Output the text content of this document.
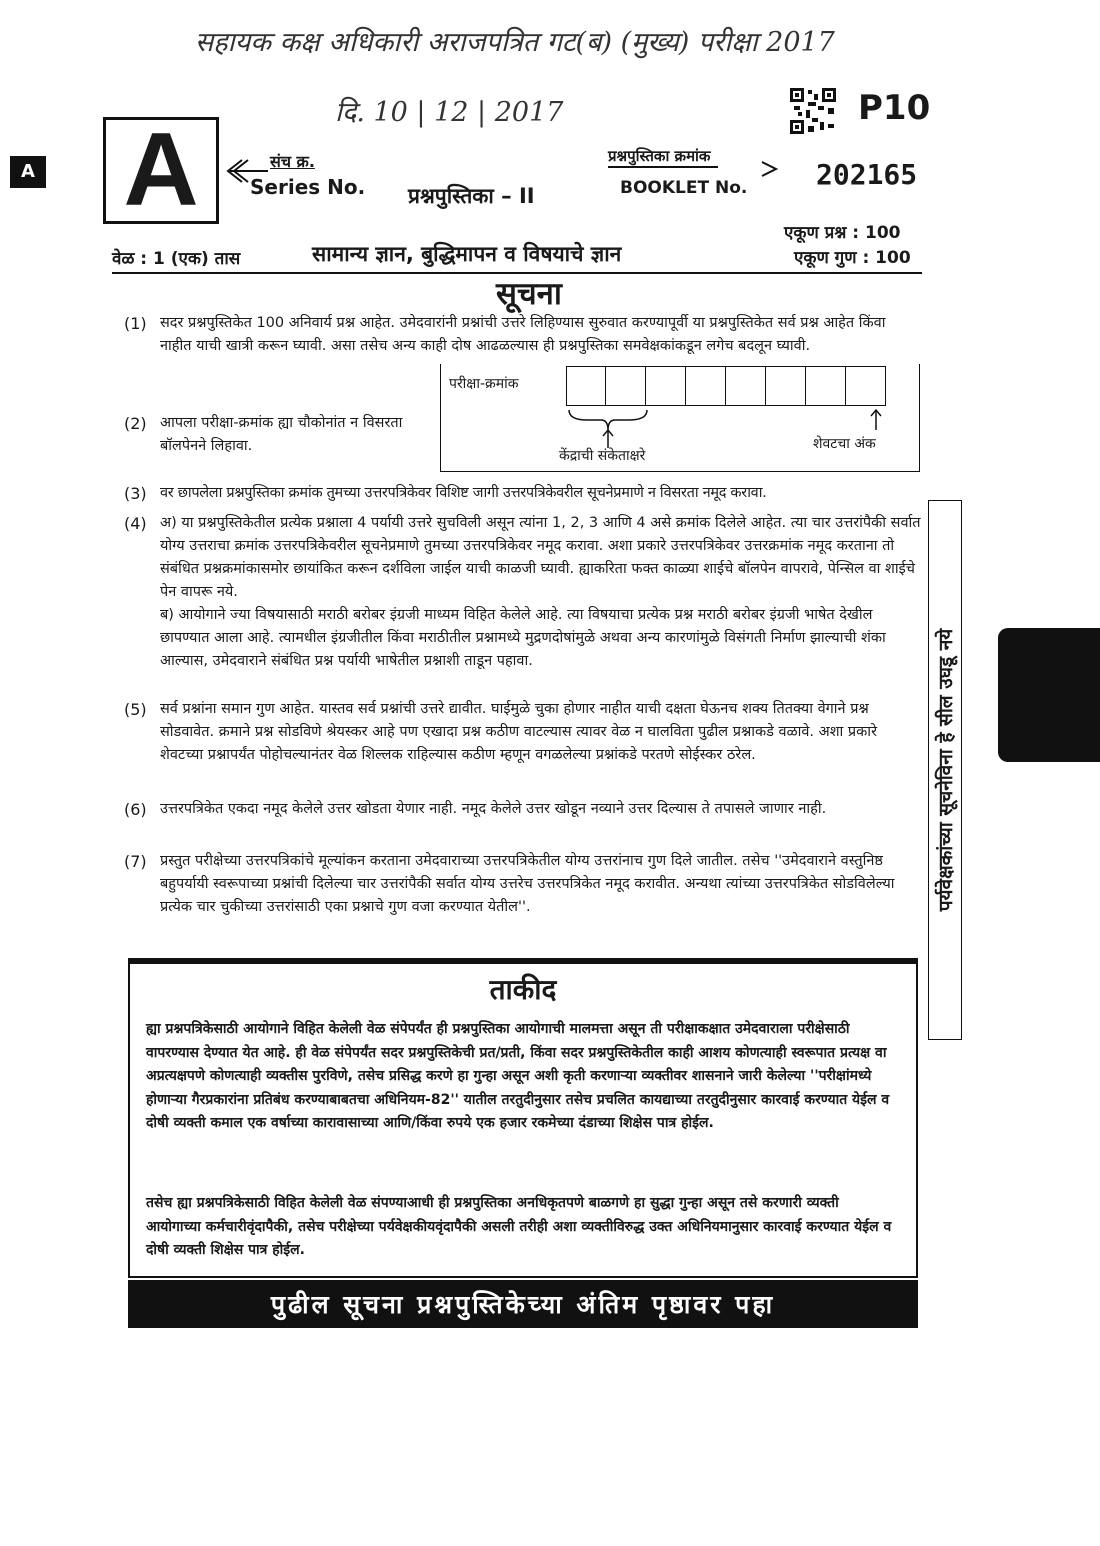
सहायक कक्ष अधिकारी अराजपत्रित गट(ब) (मुख्य) परीक्षा 2017
A
दि. 10 | 12 | 2017	P10
A	संच क्र.
Series No. प्रश्नपुस्तिका – II
प्रश्नपुस्तिका क्रमांक
BOOKLET No. 202165
एकूण प्रश्न : 100
वेळ : 1 (एक) तास	सामान्य ज्ञान, बुद्धिमापन व विषयाचे ज्ञान	एकूण गुण : 100
सूचना
(1) सदर प्रश्नपुस्तिकेत 100 अनिवार्य प्रश्न आहेत. उमेदवारांनी प्रश्नांची उत्तरे लिहिण्यास सुरुवात करण्यापूर्वी या प्रश्नपुस्तिकेत सर्व प्रश्न आहेत किंवा नाहीत याची खात्री करून घ्यावी. असा तसेच अन्य काही दोष आढळल्यास ही प्रश्नपुस्तिका समवेक्षकांकडून लगेच बदलून घ्यावी.
परीक्षा-क्रमांक
केंद्राची संकेताक्षरे
शेवटचा अंक
(2) आपला परीक्षा-क्रमांक ह्या चौकोनांत न विसरता बॉलपेनने लिहावा.
(3) वर छापलेला प्रश्नपुस्तिका क्रमांक तुमच्या उत्तरपत्रिकेवर विशिष्ट जागी उत्तरपत्रिकेवरील सूचनेप्रमाणे न विसरता नमूद करावा.
(4) अ) या प्रश्नपुस्तिकेतील प्रत्येक प्रश्नाला 4 पर्यायी उत्तरे सुचविली असून त्यांना 1, 2, 3 आणि 4 असे क्रमांक दिलेले आहेत. त्या चार उत्तरांपैकी सर्वात योग्य उत्तराचा क्रमांक उत्तरपत्रिकेवरील सूचनेप्रमाणे तुमच्या उत्तरपत्रिकेवर नमूद करावा. अशा प्रकारे उत्तरपत्रिकेवर उत्तरक्रमांक नमूद करताना तो संबंधित प्रश्नक्रमांकासमोर छायांकित करून दर्शविला जाईल याची काळजी घ्यावी. ह्याकरिता फक्त काळ्या शाईचे बॉलपेन वापरावे, पेन्सिल वा शाईचे पेन वापरू नये.
ब) आयोगाने ज्या विषयासाठी मराठी बरोबर इंग्रजी माध्यम विहित केलेले आहे. त्या विषयाचा प्रत्येक प्रश्न मराठी बरोबर इंग्रजी भाषेत देखील छापण्यात आला आहे. त्यामधील इंग्रजीतील किंवा मराठीतील प्रश्नामध्ये मुद्रणदोषांमुळे अथवा अन्य कारणांमुळे विसंगती निर्माण झाल्याची शंका आल्यास, उमेदवाराने संबंधित प्रश्न पर्यायी भाषेतील प्रश्नाशी ताडून पहावा.
(5) सर्व प्रश्नांना समान गुण आहेत. यास्तव सर्व प्रश्नांची उत्तरे द्यावीत. घाईमुळे चुका होणार नाहीत याची दक्षता घेऊनच शक्य तितक्या वेगाने प्रश्न सोडवावेत. क्रमाने प्रश्न सोडविणे श्रेयस्कर आहे पण एखादा प्रश्न कठीण वाटल्यास त्यावर वेळ न घालविता पुढील प्रश्नाकडे वळावे. अशा प्रकारे शेवटच्या प्रश्नापर्यंत पोहोचल्यानंतर वेळ शिल्लक राहिल्यास कठीण म्हणून वगळलेल्या प्रश्नांकडे परतणे सोईस्कर ठरेल.
(6) उत्तरपत्रिकेत एकदा नमूद केलेले उत्तर खोडता येणार नाही. नमूद केलेले उत्तर खोडून नव्याने उत्तर दिल्यास ते तपासले जाणार नाही.
(7) प्रस्तुत परीक्षेच्या उत्तरपत्रिकांचे मूल्यांकन करताना उमेदवाराच्या उत्तरपत्रिकेतील योग्य उत्तरांनाच गुण दिले जातील. तसेच ''उमेदवाराने वस्तुनिष्ठ बहुपर्यायी स्वरूपाच्या प्रश्नांची दिलेल्या चार उत्तरांपैकी सर्वात योग्य उत्तरेच उत्तरपत्रिकेत नमूद करावीत. अन्यथा त्यांच्या उत्तरपत्रिकेत सोडविलेल्या प्रत्येक चार चुकीच्या उत्तरांसाठी एका प्रश्नाचे गुण वजा करण्यात येतील''.	पर्यवेक्षकांच्या सूचनेविना हे सील उघडू नये
ताकीद
ह्या प्रश्नपत्रिकेसाठी आयोगाने विहित केलेली वेळ संपेपर्यंत ही प्रश्नपुस्तिका आयोगाची मालमत्ता असून ती परीक्षाकक्षात उमेदवाराला परीक्षेसाठी वापरण्यास देण्यात येत आहे. ही वेळ संपेपर्यंत सदर प्रश्नपुस्तिकेची प्रत/प्रती, किंवा सदर प्रश्नपुस्तिकेतील काही आशय कोणत्याही स्वरूपात प्रत्यक्ष वा अप्रत्यक्षपणे कोणत्याही व्यक्तीस पुरविणे, तसेच प्रसिद्ध करणे हा गुन्हा असून अशी कृती करणाऱ्या व्यक्तीवर शासनाने जारी केलेल्या ''परीक्षांमध्ये होणाऱ्या गैरप्रकारांना प्रतिबंध करण्याबाबतचा अधिनियम-82'' यातील तरतुदीनुसार तसेच प्रचलित कायद्याच्या तरतुदीनुसार कारवाई करण्यात येईल व दोषी व्यक्ती कमाल एक वर्षाच्या कारावासाच्या आणि/किंवा रुपये एक हजार रकमेच्या दंडाच्या शिक्षेस पात्र होईल.
तसेच ह्या प्रश्नपत्रिकेसाठी विहित केलेली वेळ संपण्याआधी ही प्रश्नपुस्तिका अनधिकृतपणे बाळगणे हा सुद्धा गुन्हा असून तसे करणारी व्यक्ती आयोगाच्या कर्मचारीवृंदापैकी, तसेच परीक्षेच्या पर्यवेक्षकीयवृंदापैकी असली तरीही अशा व्यक्तीविरुद्ध उक्त अधिनियमानुसार कारवाई करण्यात येईल व दोषी व्यक्ती शिक्षेस पात्र होईल.
पुढील सूचना प्रश्नपुस्तिकेच्या अंतिम पृष्ठावर पहा
